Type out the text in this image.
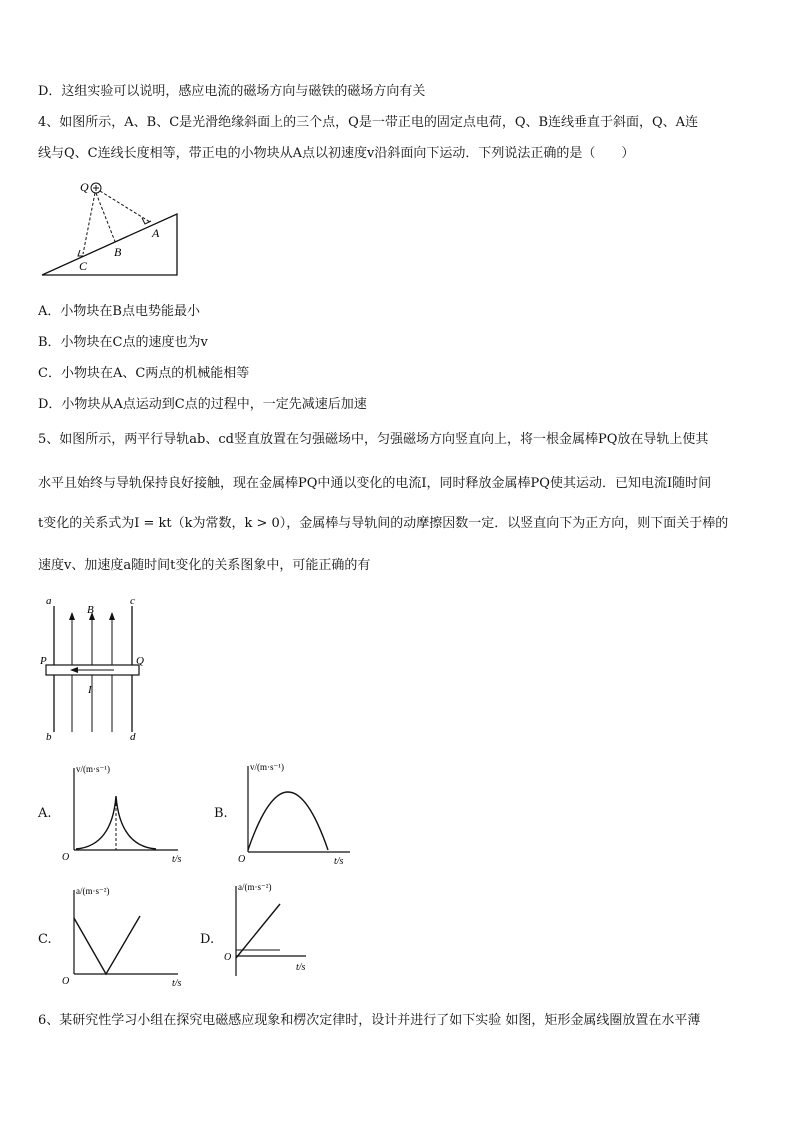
D．这组实验可以说明，感应电流的磁场方向与磁铁的磁场方向有关
4、如图所示，A、B、C是光滑绝缘斜面上的三个点，Q是一带正电的固定点电荷，Q、B连线垂直于斜面，Q、A连
线与Q、C连线长度相等，带正电的小物块从A点以初速度v沿斜面向下运动．下列说法正确的是（　　）
Q
A
B
C
A．小物块在B点电势能最小
B．小物块在C点的速度也为v
C．小物块在A、C两点的机械能相等
D．小物块从A点运动到C点的过程中，一定先减速后加速
5、如图所示，两平行导轨ab、cd竖直放置在匀强磁场中，匀强磁场方向竖直向上，将一根金属棒PQ放在导轨上使其
水平且始终与导轨保持良好接触，现在金属棒PQ中通以变化的电流I，同时释放金属棒PQ使其运动．已知电流I随时间
t变化的关系式为I = kt（k为常数，k > 0），金属棒与导轨间的动摩擦因数一定．以竖直向下为正方向，则下面关于棒的
速度v、加速度a随时间t变化的关系图象中，可能正确的有
a	c
B
P	Q
I
b	d
A.
v/(m·s⁻¹)
t/s
O
B.
v/(m·s⁻¹)
t/s
O
C.
a/(m·s⁻²)
t/s
O
D.
a/(m·s⁻²)
t/s
O
6、某研究性学习小组在探究电磁感应现象和楞次定律时，设计并进行了如下实验 如图，矩形金属线圈放置在水平薄
